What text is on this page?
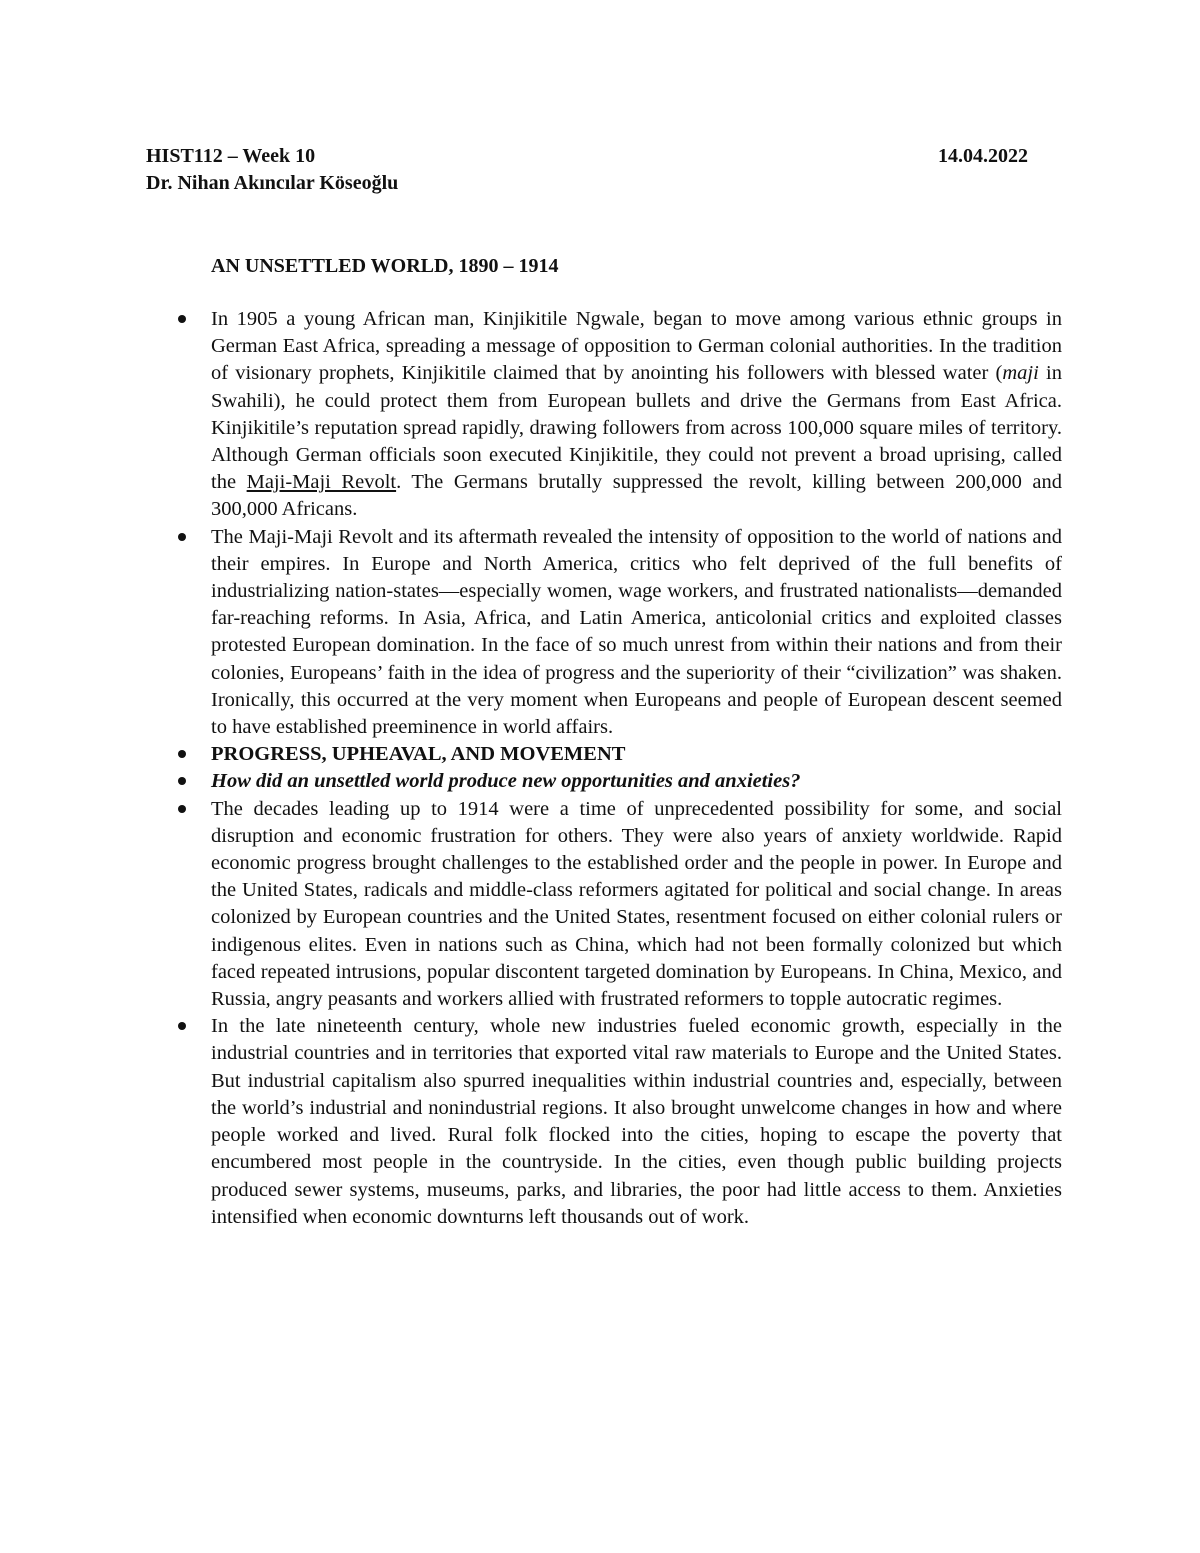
HIST112 – Week 10	14.04.2022
Dr. Nihan Akıncılar Köseoğlu
AN UNSETTLED WORLD, 1890 – 1914
In 1905 a young African man, Kinjikitile Ngwale, began to move among various ethnic groups in German East Africa, spreading a message of opposition to German colonial authorities. In the tradition of visionary prophets, Kinjikitile claimed that by anointing his followers with blessed water (maji in Swahili), he could protect them from European bullets and drive the Germans from East Africa. Kinjikitile’s reputation spread rapidly, drawing followers from across 100,000 square miles of territory. Although German officials soon executed Kinjikitile, they could not prevent a broad uprising, called the Maji-Maji Revolt. The Germans brutally suppressed the revolt, killing between 200,000 and 300,000 Africans.
The Maji-Maji Revolt and its aftermath revealed the intensity of opposition to the world of nations and their empires. In Europe and North America, critics who felt deprived of the full benefits of industrializing nation-states—especially women, wage workers, and frustrated nationalists—demanded far-reaching reforms. In Asia, Africa, and Latin America, anticolonial critics and exploited classes protested European domination. In the face of so much unrest from within their nations and from their colonies, Europeans’ faith in the idea of progress and the superiority of their “civilization” was shaken. Ironically, this occurred at the very moment when Europeans and people of European descent seemed to have established preeminence in world affairs.
PROGRESS, UPHEAVAL, AND MOVEMENT
How did an unsettled world produce new opportunities and anxieties?
The decades leading up to 1914 were a time of unprecedented possibility for some, and social disruption and economic frustration for others. They were also years of anxiety worldwide. Rapid economic progress brought challenges to the established order and the people in power. In Europe and the United States, radicals and middle-class reformers agitated for political and social change. In areas colonized by European countries and the United States, resentment focused on either colonial rulers or indigenous elites. Even in nations such as China, which had not been formally colonized but which faced repeated intrusions, popular discontent targeted domination by Europeans. In China, Mexico, and Russia, angry peasants and workers allied with frustrated reformers to topple autocratic regimes.
In the late nineteenth century, whole new industries fueled economic growth, especially in the industrial countries and in territories that exported vital raw materials to Europe and the United States. But industrial capitalism also spurred inequalities within industrial countries and, especially, between the world’s industrial and nonindustrial regions. It also brought unwelcome changes in how and where people worked and lived. Rural folk flocked into the cities, hoping to escape the poverty that encumbered most people in the countryside. In the cities, even though public building projects produced sewer systems, museums, parks, and libraries, the poor had little access to them. Anxieties intensified when economic downturns left thousands out of work.
